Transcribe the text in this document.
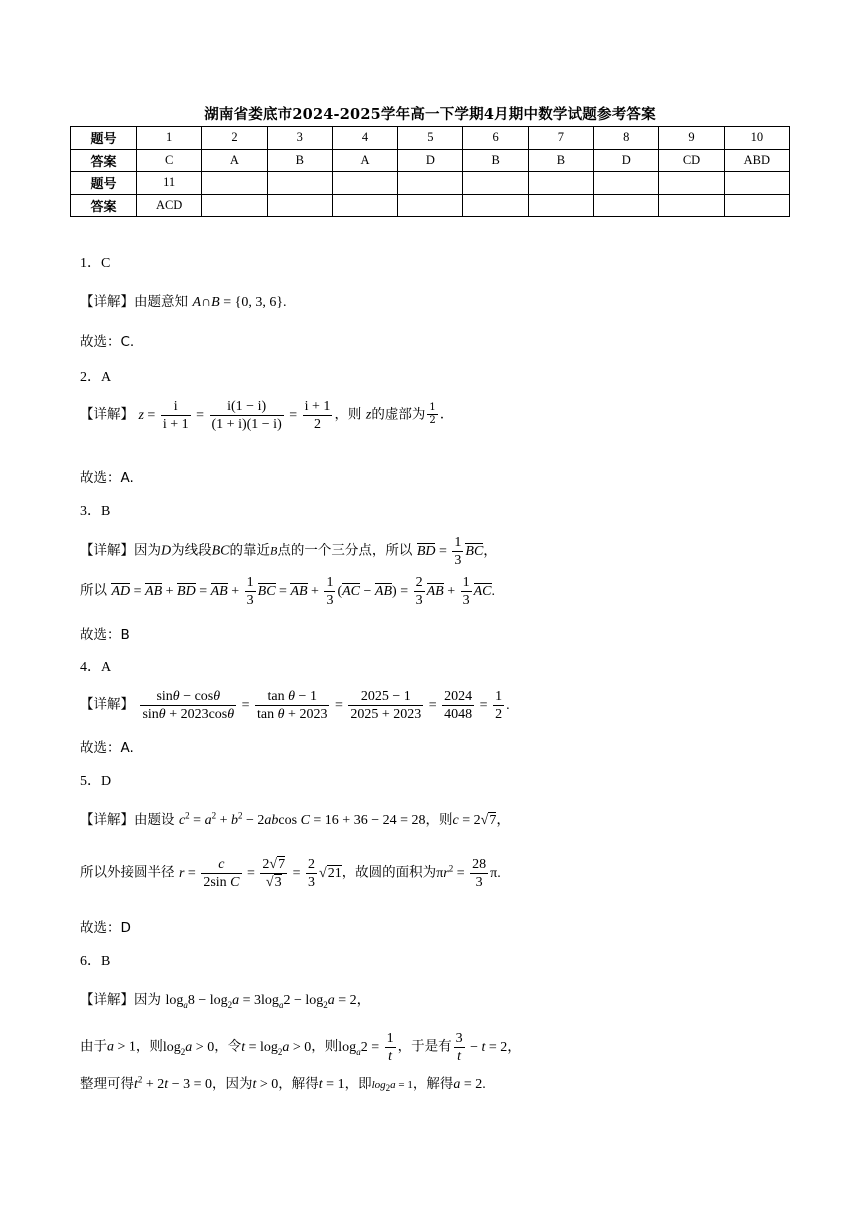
湖南省娄底市2024-2025学年高一下学期4月期中数学试题参考答案
题号	1	2	3	4	5	6	7	8	9	10
答案	C	A	B	A	D	B	B	D	CD	ABD
题号	11									
答案	ACD									
1．C
【详解】由题意知 A∩B = {0, 3, 6}.
故选：C.
2．A
【详解】 $z = \frac{i}{i + 1} = \frac{i(1 - i)}{(1 + i)(1 - i)} = \frac{i + 1}{2}$ ，则 z的虚部为 $\frac{1}{2}$ .
故选：A.
3．B
【详解】因为D为线段BC的靠近B点的一个三分点，所以 BD = $\frac{1}{3}$ BC，
所以 AD = AB + BD = AB + $\frac{1}{3}$ BC = AB + $\frac{1}{3} (AC - AB) = \frac{2}{3}$ AB + $\frac{1}{3}$ AC.
故选：B
4．A
【详解】 $\frac{\sin\theta - \cos\theta}{\sin\theta + 2023\cos\theta} = \frac{\text{tan θ − 1}}{\text{tan θ + 2023}} = \frac{2025 - 1}{2025 + 2023} = \frac{2024}{4048} = \frac{1}{2}$ .
故选：A.
5．D
【详解】由题设 $c^2 = a^2 + b^2 - 2abcos$ C = 16 + 36 − 24 = 28，则c = 2√7，
所以外接圆半径 $r = \frac{c}{\text{2sin C}} = \frac{2√7}{√3} = \frac{2}{3} √21$，故圆的面积为$\pi r^2 = \frac{28}{3} \pi$.
故选：D
6．B
【详解】因为 $\log_a8 - \log_2a = 3\log_a2 - \log_2a = 2$，
由于a > 1，则$\log_2a > 0$，令$t = \log_2a > 0$，则$\log_a2 = \frac{1}{t}$ ，于是有 $\frac{3}{t} - t = 2$，
整理可得$t^2 + 2t - 3 = 0$，因为t > 0，解得t = 1，即$\log_2a = 1$，解得a = 2.
